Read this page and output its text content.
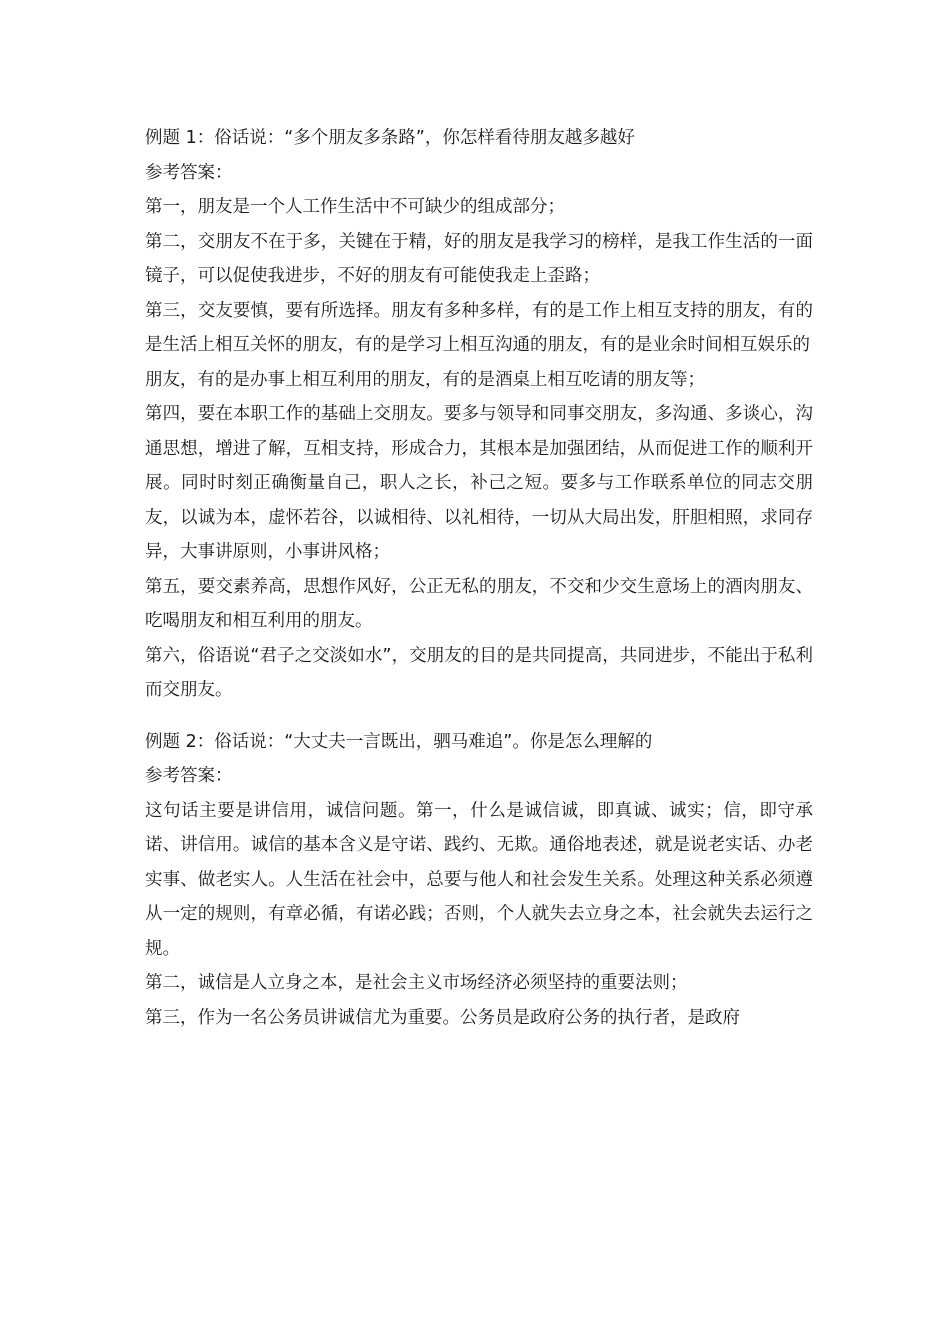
例题 1：俗话说：“多个朋友多条路”，你怎样看待朋友越多越好

参考答案：

第一，朋友是一个人工作生活中不可缺少的组成部分；

第二，交朋友不在于多，关键在于精，好的朋友是我学习的榜样，是我工作生活的一面镜子，可以促使我进步，不好的朋友有可能使我走上歪路；

第三，交友要慎，要有所选择。朋友有多种多样，有的是工作上相互支持的朋友，有的是生活上相互关怀的朋友，有的是学习上相互沟通的朋友，有的是业余时间相互娱乐的

朋友，有的是办事上相互利用的朋友，有的是酒桌上相互吃请的朋友等；

第四，要在本职工作的基础上交朋友。要多与领导和同事交朋友，多沟通、多谈心，沟通思想，增进了解，互相支持，形成合力，其根本是加强团结，从而促进工作的顺利开展。同时时刻正确衡量自己，职人之长，补己之短。要多与工作联系单位的同志交朋友，以诚为本，虚怀若谷，以诚相待、以礼相待，一切从大局出发，肝胆相照，求同存异，大事讲原则，小事讲风格；

第五，要交素养高，思想作风好，公正无私的朋友，不交和少交生意场上的酒肉朋友、吃喝朋友和相互利用的朋友。

第六，俗语说“君子之交淡如水”，交朋友的目的是共同提高，共同进步，不能出于私利而交朋友。

例题 2：俗话说：“大丈夫一言既出，驷马难追”。你是怎么理解的

参考答案：

这句话主要是讲信用，诚信问题。第一，什么是诚信诚，即真诚、诚实；信，即守承诺、讲信用。诚信的基本含义是守诺、践约、无欺。通俗地表述，就是说老实话、办老实事、做老实人。人生活在社会中，总要与他人和社会发生关系。处理这种关系必须遵从一定的规则，有章必循，有诺必践；否则，个人就失去立身之本，社会就失去运行之规。

第二，诚信是人立身之本，是社会主义市场经济必须坚持的重要法则；

第三，作为一名公务员讲诚信尤为重要。公务员是政府公务的执行者，是政府
